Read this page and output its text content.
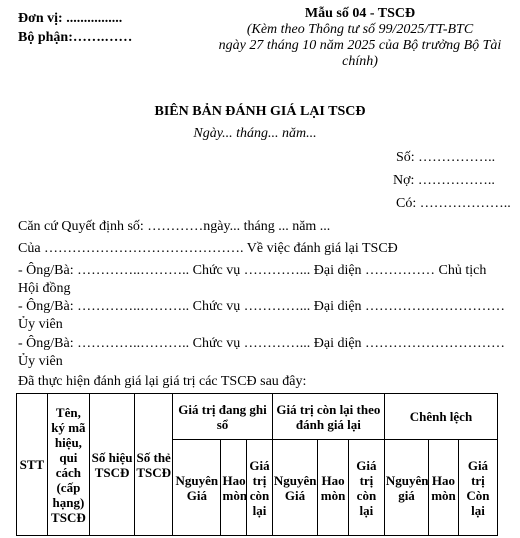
Đơn vị: ................
Bộ phận:…….……
Mẫu số 04 - TSCĐ
(Kèm theo Thông tư số 99/2025/TT-BTC
ngày 27 tháng 10 năm 2025 của Bộ trưởng Bộ Tài
chính)
BIÊN BẢN ĐÁNH GIÁ LẠI TSCĐ
Ngày... tháng... năm...
Số: ……………..
Nợ: ……………..
Có: ………………..
Căn cứ Quyết định số: …………ngày... tháng ... năm ...
Của ……………………………………. Về việc đánh giá lại TSCĐ
- Ông/Bà: …………..……….. Chức vụ …………... Đại diện …………… Chủ tịch
Hội đồng
- Ông/Bà: …………..……….. Chức vụ …………... Đại diện …………………………
Ủy viên
- Ông/Bà: …………..……….. Chức vụ …………... Đại diện …………………………
Ủy viên
Đã thực hiện đánh giá lại giá trị các TSCĐ sau đây:
STT	Tên, ký mã hiệu, qui cách (cấp hạng) TSCĐ	Số hiệu TSCĐ	Số thẻ TSCĐ	Giá trị đang ghi sổ			Giá trị còn lại theo đánh giá lại			Chênh lệch		
				Nguyên Giá	Hao mòn	Giá trị còn lại	Nguyên Giá	Hao mòn	Giá trị còn lại	Nguyên giá	Hao mòn	Giá trị Còn lại
